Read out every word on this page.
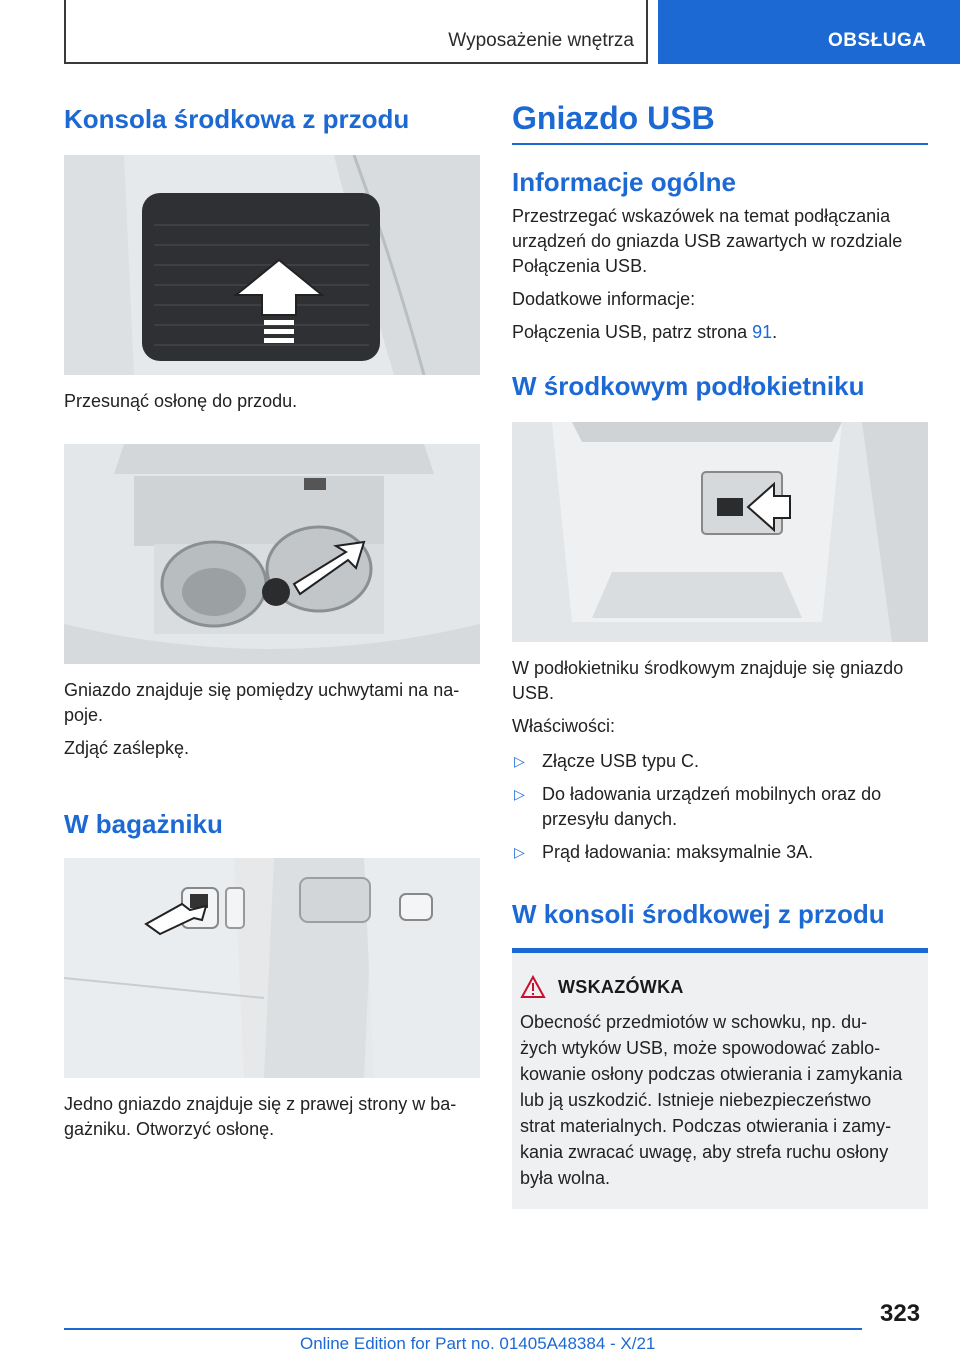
Wyposażenie wnętrza	OBSŁUGA
Konsola środkowa z przodu

Przesunąć osłonę do przodu.

Gniazdo znajduje się pomiędzy uchwytami na na-

poje.

Zdjąć zaślepkę.

W bagażniku

Jedno gniazdo znajduje się z prawej strony w ba-

gażniku. Otworzyć osłonę.

Gniazdo USB
Informacje ogólne

Przestrzegać wskazówek na temat podłączania

urządzeń do gniazda USB zawartych w rozdziale

Połączenia USB.

Dodatkowe informacje:

Połączenia USB, patrz strona 91.

W środkowym podłokietniku

W podłokietniku środkowym znajduje się gniazdo

USB.

Właściwości:

▷ Złącze USB typu C.
▷ Do ładowania urządzeń mobilnych oraz do
przesyłu danych.
▷ Prąd ładowania: maksymalnie 3A.
W konsoli środkowej z przodu
WSKAZÓWKA

Obecność przedmiotów w schowku, np. du-

żych wtyków USB, może spowodować zablo-

kowanie osłony podczas otwierania i zamykania

lub ją uszkodzić. Istnieje niebezpieczeństwo

strat materialnych. Podczas otwierania i zamy-

kania zwracać uwagę, aby strefa ruchu osłony

była wolna.

323
Online Edition for Part no. 01405A48384 - X/21
